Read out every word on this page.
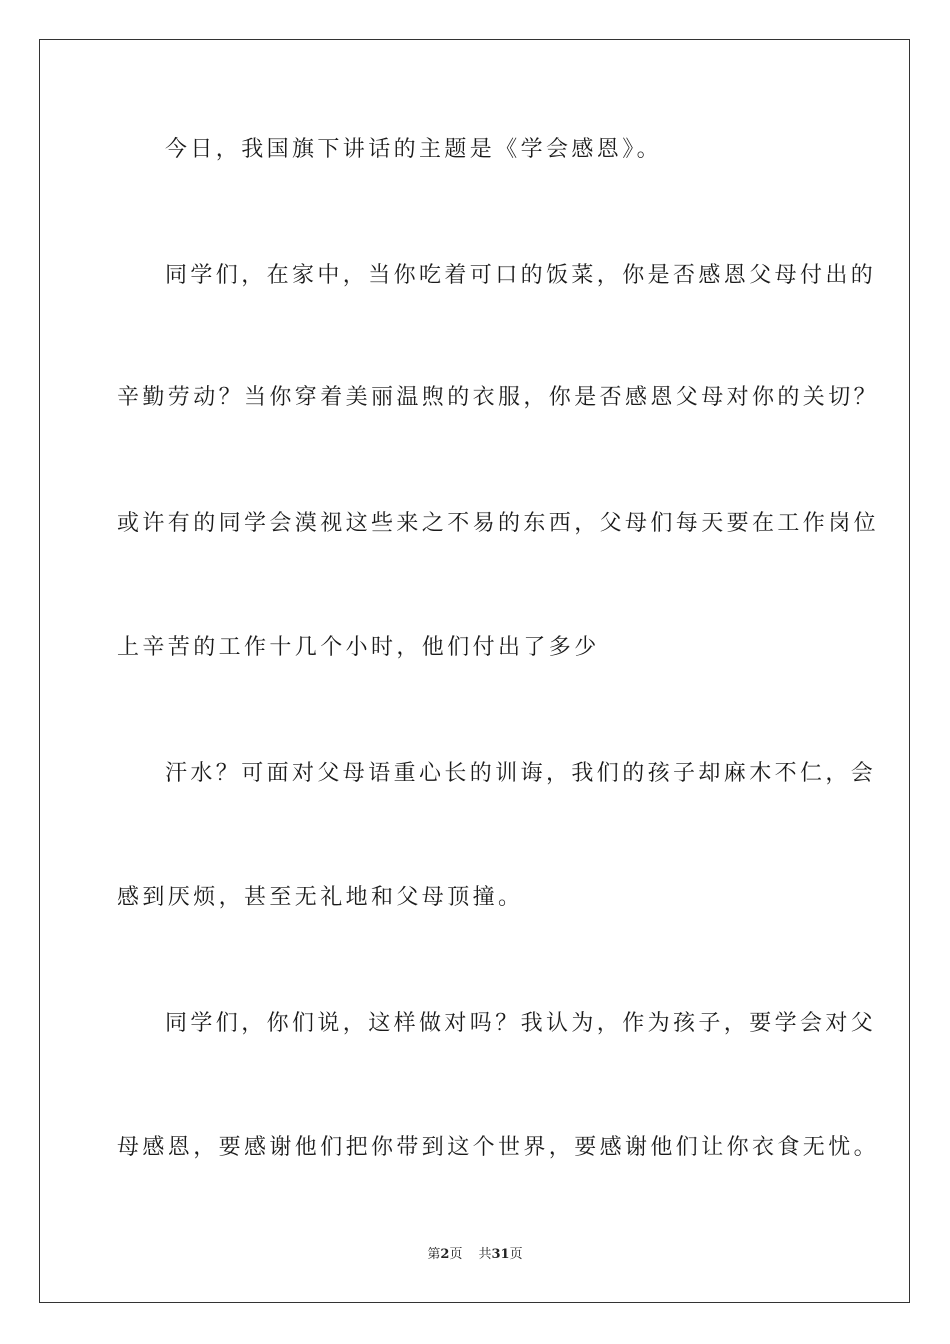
今日，我国旗下讲话的主题是《学会感恩》。
同学们，在家中，当你吃着可口的饭菜，你是否感恩父母付出的
辛勤劳动？当你穿着美丽温煦的衣服，你是否感恩父母对你的关切？
或许有的同学会漠视这些来之不易的东西，父母们每天要在工作岗位
上辛苦的工作十几个小时，他们付出了多少
汗水？可面对父母语重心长的训诲，我们的孩子却麻木不仁，会
感到厌烦，甚至无礼地和父母顶撞。
同学们，你们说，这样做对吗？我认为，作为孩子，要学会对父
母感恩，要感谢他们把你带到这个世界，要感谢他们让你衣食无忧。
第2页 共31页
